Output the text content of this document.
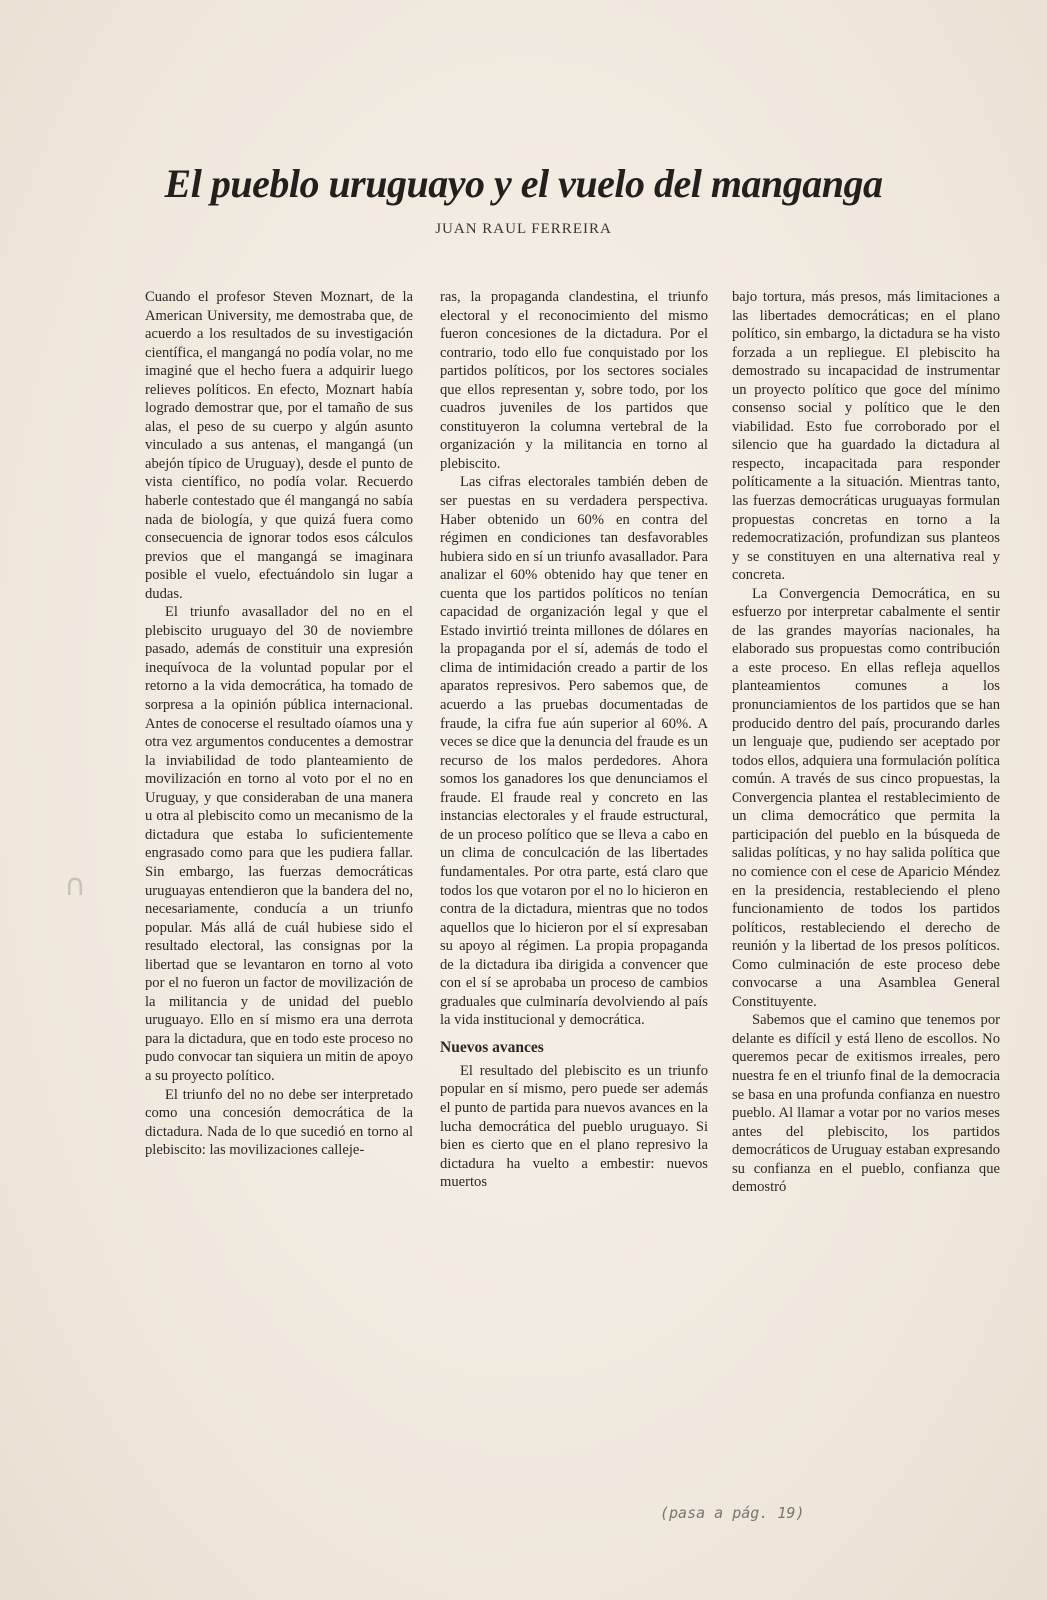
El pueblo uruguayo y el vuelo del manganga

JUAN RAUL FERREIRA

Cuando el profesor Steven Moznart, de la American University, me demostraba que, de acuerdo a los resultados de su investigación científica, el mangangá no podía volar, no me imaginé que el hecho fuera a adquirir luego relieves políticos. En efecto, Moznart había logrado demostrar que, por el tamaño de sus alas, el peso de su cuerpo y algún asunto vinculado a sus antenas, el mangangá (un abejón típico de Uruguay), desde el punto de vista científico, no podía volar. Recuerdo haberle contestado que él mangangá no sabía nada de biología, y que quizá fuera como consecuencia de ignorar todos esos cálculos previos que el mangangá se imaginara posible el vuelo, efectuándolo sin lugar a dudas.

El triunfo avasallador del no en el plebiscito uruguayo del 30 de noviembre pasado, además de constituir una expresión inequívoca de la voluntad popular por el retorno a la vida democrática, ha tomado de sorpresa a la opinión pública internacional. Antes de conocerse el resultado oíamos una y otra vez argumentos conducentes a demostrar la inviabilidad de todo planteamiento de movilización en torno al voto por el no en Uruguay, y que consideraban de una manera u otra al plebiscito como un mecanismo de la dictadura que estaba lo suficientemente engrasado como para que les pudiera fallar. Sin embargo, las fuerzas democráticas uruguayas entendieron que la bandera del no, necesariamente, conducía a un triunfo popular. Más allá de cuál hubiese sido el resultado electoral, las consignas por la libertad que se levantaron en torno al voto por el no fueron un factor de movilización de la militancia y de unidad del pueblo uruguayo. Ello en sí mismo era una derrota para la dictadura, que en todo este proceso no pudo convocar tan siquiera un mitin de apoyo a su proyecto político.

El triunfo del no no debe ser interpretado como una concesión democrática de la dictadura. Nada de lo que sucedió en torno al plebiscito: las movilizaciones calleje-

ras, la propaganda clandestina, el triunfo electoral y el reconocimiento del mismo fueron concesiones de la dictadura. Por el contrario, todo ello fue conquistado por los partidos políticos, por los sectores sociales que ellos representan y, sobre todo, por los cuadros juveniles de los partidos que constituyeron la columna vertebral de la organización y la militancia en torno al plebiscito.

Las cifras electorales también deben de ser puestas en su verdadera perspectiva. Haber obtenido un 60% en contra del régimen en condiciones tan desfavorables hubiera sido en sí un triunfo avasallador. Para analizar el 60% obtenido hay que tener en cuenta que los partidos políticos no tenían capacidad de organización legal y que el Estado invirtió treinta millones de dólares en la propaganda por el sí, además de todo el clima de intimidación creado a partir de los aparatos represivos. Pero sabemos que, de acuerdo a las pruebas documentadas de fraude, la cifra fue aún superior al 60%. A veces se dice que la denuncia del fraude es un recurso de los malos perdedores. Ahora somos los ganadores los que denunciamos el fraude. El fraude real y concreto en las instancias electorales y el fraude estructural, de un proceso político que se lleva a cabo en un clima de conculcación de las libertades fundamentales. Por otra parte, está claro que todos los que votaron por el no lo hicieron en contra de la dictadura, mientras que no todos aquellos que lo hicieron por el sí expresaban su apoyo al régimen. La propia propaganda de la dictadura iba dirigida a convencer que con el sí se aprobaba un proceso de cambios graduales que culminaría devolviendo al país la vida institucional y democrática.

Nuevos avances

El resultado del plebiscito es un triunfo popular en sí mismo, pero puede ser además el punto de partida para nuevos avances en la lucha democrática del pueblo uruguayo. Si bien es cierto que en el plano represivo la dictadura ha vuelto a embestir: nuevos muertos

bajo tortura, más presos, más limitaciones a las libertades democráticas; en el plano político, sin embargo, la dictadura se ha visto forzada a un repliegue. El plebiscito ha demostrado su incapacidad de instrumentar un proyecto político que goce del mínimo consenso social y político que le den viabilidad. Esto fue corroborado por el silencio que ha guardado la dictadura al respecto, incapacitada para responder políticamente a la situación. Mientras tanto, las fuerzas democráticas uruguayas formulan propuestas concretas en torno a la redemocratización, profundizan sus planteos y se constituyen en una alternativa real y concreta.

La Convergencia Democrática, en su esfuerzo por interpretar cabalmente el sentir de las grandes mayorías nacionales, ha elaborado sus propuestas como contribución a este proceso. En ellas refleja aquellos planteamientos comunes a los pronunciamientos de los partidos que se han producido dentro del país, procurando darles un lenguaje que, pudiendo ser aceptado por todos ellos, adquiera una formulación política común. A través de sus cinco propuestas, la Convergencia plantea el restablecimiento de un clima democrático que permita la participación del pueblo en la búsqueda de salidas políticas, y no hay salida política que no comience con el cese de Aparicio Méndez en la presidencia, restableciendo el pleno funcionamiento de todos los partidos políticos, restableciendo el derecho de reunión y la libertad de los presos políticos. Como culminación de este proceso debe convocarse a una Asamblea General Constituyente.

Sabemos que el camino que tenemos por delante es difícil y está lleno de escollos. No queremos pecar de exitismos irreales, pero nuestra fe en el triunfo final de la democracia se basa en una profunda confianza en nuestro pueblo. Al llamar a votar por no varios meses antes del plebiscito, los partidos democráticos de Uruguay estaban expresando su confianza en el pueblo, confianza que demostró

∩

(pasa a pág. 19)
